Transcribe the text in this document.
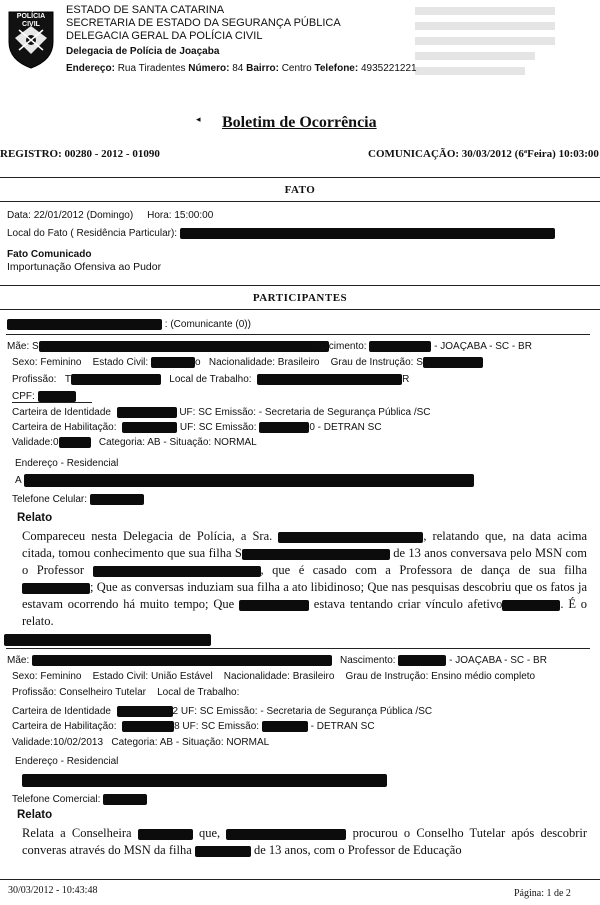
POLÍCIA
CIVIL
ESTADO DE SANTA CATARINA
SECRETARIA DE ESTADO DA SEGURANÇA PÚBLICA
DELEGACIA GERAL DA POLÍCIA CIVIL
Delegacia de Polícia de Joaçaba
Endereço: Rua Tiradentes Número: 84 Bairro: Centro Telefone: 4935221221
◂ Boletim de Ocorrência
REGISTRO: 00280 - 2012 - 01090	COMUNICAÇÃO: 30/03/2012 (6ªFeira) 10:03:00
FATO
Data: 22/01/2012 (Domingo) Hora: 15:00:00
Local do Fato ( Residência Particular):
Fato Comunicado
Importunação Ofensiva ao Pudor
PARTICIPANTES
: (Comunicante (0))
Mãe: S	Nascimento:	- JOAÇABA - SC - BR
Sexo: Feminino Estado Civil:	o Nacionalidade: Brasileiro Grau de Instrução: S
Profissão: T	Local de Trabalho:	R
CPF:
Carteira de Identidade	UF: SC Emissão: - Secretaria de Segurança Pública /SC
Carteira de Habilitação:	UF: SC Emissão:	0 - DETRAN SC
Validade:0	Categoria: AB - Situação: NORMAL
Endereço - Residencial
A
Telefone Celular:
Relato
Compareceu nesta Delegacia de Polícia, a Sra.	, relatando que, na data acima citada, tomou conhecimento que sua filha S	de 13 anos conversava pelo MSN com o Professor	, que é casado com a Professora de dança de sua filha ; Que as conversas induziam sua filha a ato libidinoso; Que nas pesquisas descobriu que os fatos ja estavam ocorrendo há muito tempo; Que	estava tentando criar vínculo afetivo	. É o relato.
Mãe:	Nascimento:	- JOAÇABA - SC - BR
Sexo: Feminino Estado Civil: União Estável Nacionalidade: Brasileiro Grau de Instrução: Ensino médio completo
Profissão: Conselheiro Tutelar Local de Trabalho:
Carteira de Identidade	2 UF: SC Emissão: - Secretaria de Segurança Pública /SC
Carteira de Habilitação:	8 UF: SC Emissão:	- DETRAN SC
Validade:10/02/2013 Categoria: AB - Situação: NORMAL
Endereço - Residencial
Telefone Comercial:
Relato
Relata a Conselheira	que,	procurou o Conselho Tutelar após descobrir converas através do MSN da filha	de 13 anos, com o Professor de Educação
30/03/2012 - 10:43:48	Página: 1 de 2
